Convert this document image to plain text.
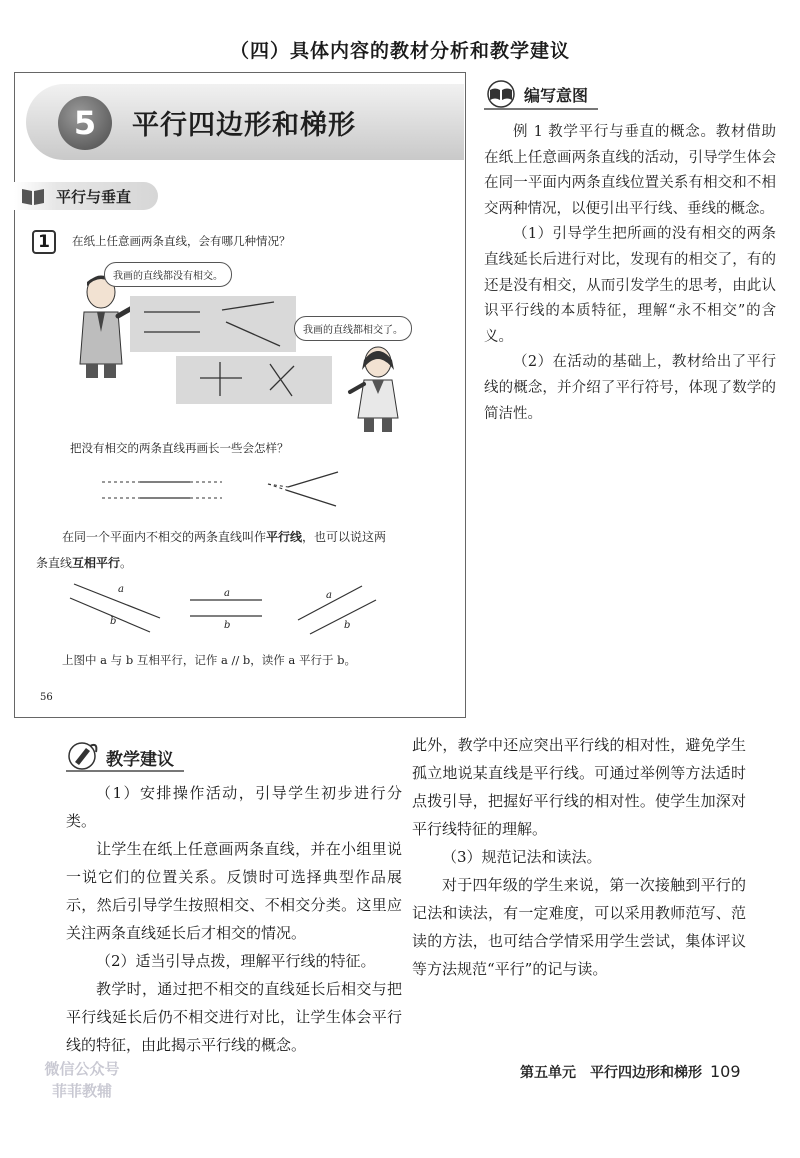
（四）具体内容的教材分析和教学建议
5	平行四边形和梯形
平行与垂直
1	在纸上任意画两条直线，会有哪几种情况？
我画的直线都没有相交。
我画的直线都相交了。
把没有相交的两条直线再画长一些会怎样？
在同一个平面内不相交的两条直线叫作平行线，也可以说这两
条直线互相平行。
a
b
a
b
a
b
上图中 a 与 b 互相平行，记作 a // b，读作 a 平行于 b。
56
编写意图

例 1 教学平行与垂直的概念。教材借助在纸上任意画两条直线的活动，引导学生体会在同一平面内两条直线位置关系有相交和不相交两种情况，以便引出平行线、垂线的概念。

（1）引导学生把所画的没有相交的两条直线延长后进行对比，发现有的相交了，有的还是没有相交，从而引发学生的思考，由此认识平行线的本质特征，理解“永不相交”的含义。

（2）在活动的基础上，教材给出了平行线的概念，并介绍了平行符号，体现了数学的简洁性。

教学建议

（1）安排操作活动，引导学生初步进行分类。

让学生在纸上任意画两条直线，并在小组里说一说它们的位置关系。反馈时可选择典型作品展示，然后引导学生按照相交、不相交分类。这里应关注两条直线延长后才相交的情况。

（2）适当引导点拨，理解平行线的特征。

教学时，通过把不相交的直线延长后相交与把平行线延长后仍不相交进行对比，让学生体会平行线的特征，由此揭示平行线的概念。

此外，教学中还应突出平行线的相对性，避免学生孤立地说某直线是平行线。可通过举例等方法适时点拨引导，把握好平行线的相对性。使学生加深对平行线特征的理解。

（3）规范记法和读法。

对于四年级的学生来说，第一次接触到平行的记法和读法，有一定难度，可以采用教师范写、范读的方法，也可结合学情采用学生尝试，集体评议等方法规范“平行”的记与读。

微信公众号
菲菲教辅
第五单元　平行四边形和梯形 109
